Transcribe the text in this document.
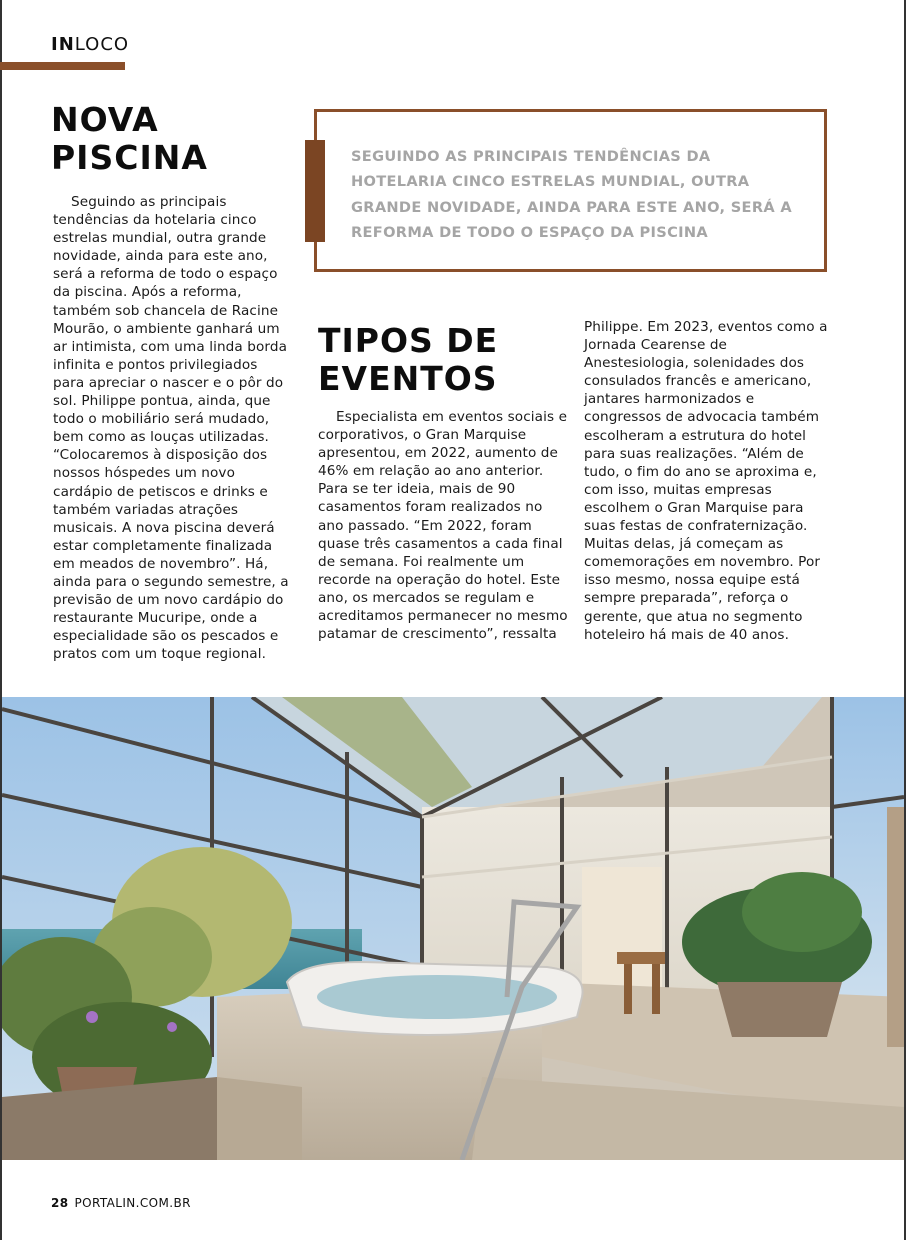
INLOCO
NOVA
PISCINA

Seguindo as principais tendências da hotelaria cinco estrelas mundial, outra grande novidade, ainda para este ano, será a reforma de todo o espaço da piscina. Após a reforma, também sob chancela de Racine Mourão, o ambiente ganhará um ar intimista, com uma linda borda infinita e pontos privilegiados para apreciar o nascer e o pôr do sol. Philippe pontua, ainda, que todo o mobiliário será mudado, bem como as louças utilizadas. “Colocaremos à disposição dos nossos hóspedes um novo cardápio de petiscos e drinks e também variadas atrações musicais. A nova piscina deverá estar completamente finalizada em meados de novembro”. Há, ainda para o segundo semestre, a previsão de um novo cardápio do restaurante Mucuripe, onde a especialidade são os pescados e pratos com um toque regional.

SEGUINDO AS PRINCIPAIS TENDÊNCIAS DA HOTELARIA CINCO ESTRELAS MUNDIAL, OUTRA GRANDE NOVIDADE, AINDA PARA ESTE ANO, SERÁ A REFORMA DE TODO O ESPAÇO DA PISCINA
TIPOS DE
EVENTOS

Especialista em eventos sociais e corporativos, o Gran Marquise apresentou, em 2022, aumento de 46% em relação ao ano anterior. Para se ter ideia, mais de 90 casamentos foram realizados no ano passado. “Em 2022, foram quase três casamentos a cada final de semana. Foi realmente um recorde na operação do hotel. Este ano, os mercados se regulam e acreditamos permanecer no mesmo patamar de crescimento”, ressalta

Philippe. Em 2023, eventos como a Jornada Cearense de Anestesiologia, solenidades dos consulados francês e americano, jantares harmonizados e congressos de advocacia também escolheram a estrutura do hotel para suas realizações. “Além de tudo, o fim do ano se aproxima e, com isso, muitas empresas escolhem o Gran Marquise para suas festas de confraternização. Muitas delas, já começam as comemorações em novembro. Por isso mesmo, nossa equipe está sempre preparada”, reforça o gerente, que atua no segmento hoteleiro há mais de 40 anos.

28 PORTALIN.COM.BR
